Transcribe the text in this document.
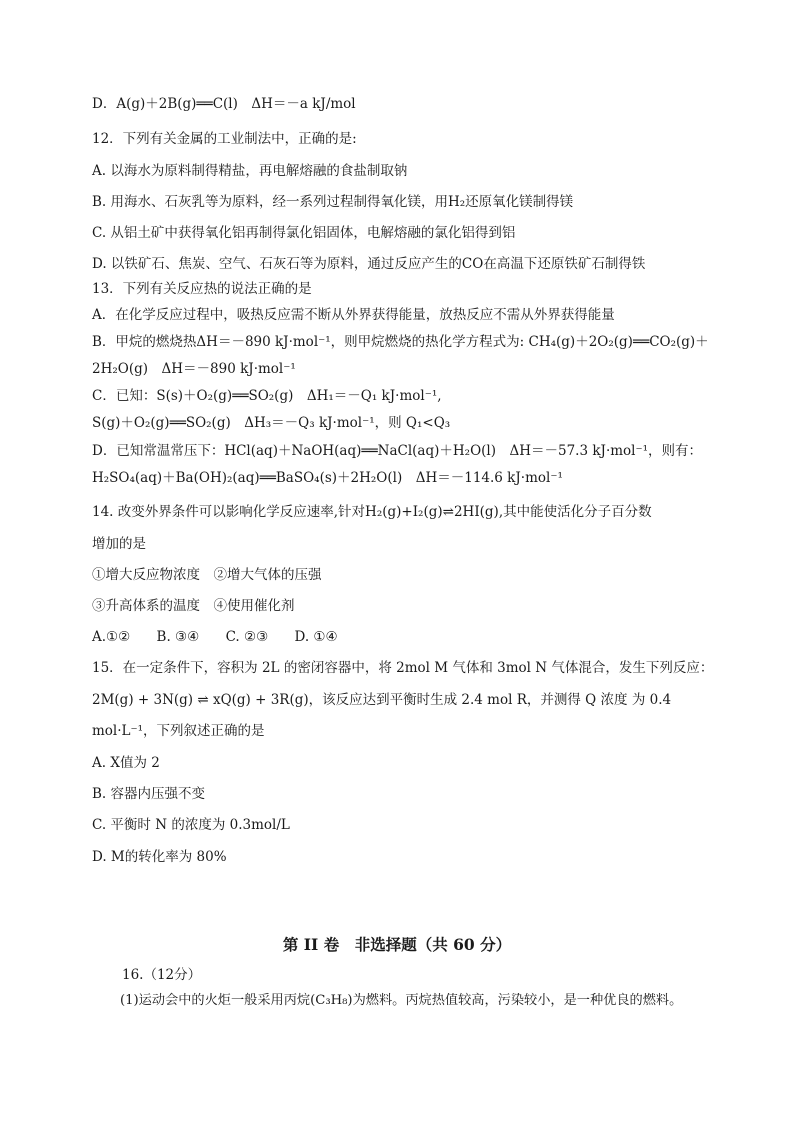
D．A(g)＋2B(g)══C(l)　ΔH＝－a kJ/mol
12．下列有关金属的工业制法中，正确的是:
A. 以海水为原料制得精盐，再电解熔融的食盐制取钠
B. 用海水、石灰乳等为原料，经一系列过程制得氧化镁，用H₂还原氧化镁制得镁
C. 从铝土矿中获得氧化铝再制得氯化铝固体，电解熔融的氯化铝得到铝
D. 以铁矿石、焦炭、空气、石灰石等为原料，通过反应产生的CO在高温下还原铁矿石制得铁
13．下列有关反应热的说法正确的是
A．在化学反应过程中，吸热反应需不断从外界获得能量，放热反应不需从外界获得能量
B．甲烷的燃烧热ΔH＝－890 kJ·mol⁻¹，则甲烷燃烧的热化学方程式为: CH₄(g)＋2O₂(g)══CO₂(g)＋
2H₂O(g)　ΔH＝－890 kJ·mol⁻¹
C．已知：S(s)＋O₂(g)══SO₂(g)　ΔH₁＝－Q₁ kJ·mol⁻¹,
S(g)＋O₂(g)══SO₂(g)　ΔH₃＝－Q₃ kJ·mol⁻¹，则 Q₁<Q₃
D．已知常温常压下：HCl(aq)＋NaOH(aq)══NaCl(aq)＋H₂O(l)　ΔH＝－57.3 kJ·mol⁻¹，则有：
H₂SO₄(aq)＋Ba(OH)₂(aq)══BaSO₄(s)＋2H₂O(l)　ΔH＝－114.6 kJ·mol⁻¹
14. 改变外界条件可以影响化学反应速率,针对H₂(g)+I₂(g)⇌2HI(g),其中能使活化分子百分数
增加的是
①增大反应物浓度　②增大气体的压强
③升高体系的温度　④使用催化剂
A.①② B. ③④ C. ②③ D. ①④
15．在一定条件下，容积为 2L 的密闭容器中，将 2mol M 气体和 3mol N 气体混合，发生下列反应：
2M(g) + 3N(g) ⇌ xQ(g) + 3R(g)，该反应达到平衡时生成 2.4 mol R，并测得 Q 浓度 为 0.4
mol·L⁻¹，下列叙述正确的是
A. X值为 2
B. 容器内压强不变
C. 平衡时 N 的浓度为 0.3mol/L
D. M的转化率为 80%
第 II 卷　非选择题（共 60 分）
16.（12分）
(1)运动会中的火炬一般采用丙烷(C₃H₈)为燃料。丙烷热值较高，污染较小，是一种优良的燃料。
